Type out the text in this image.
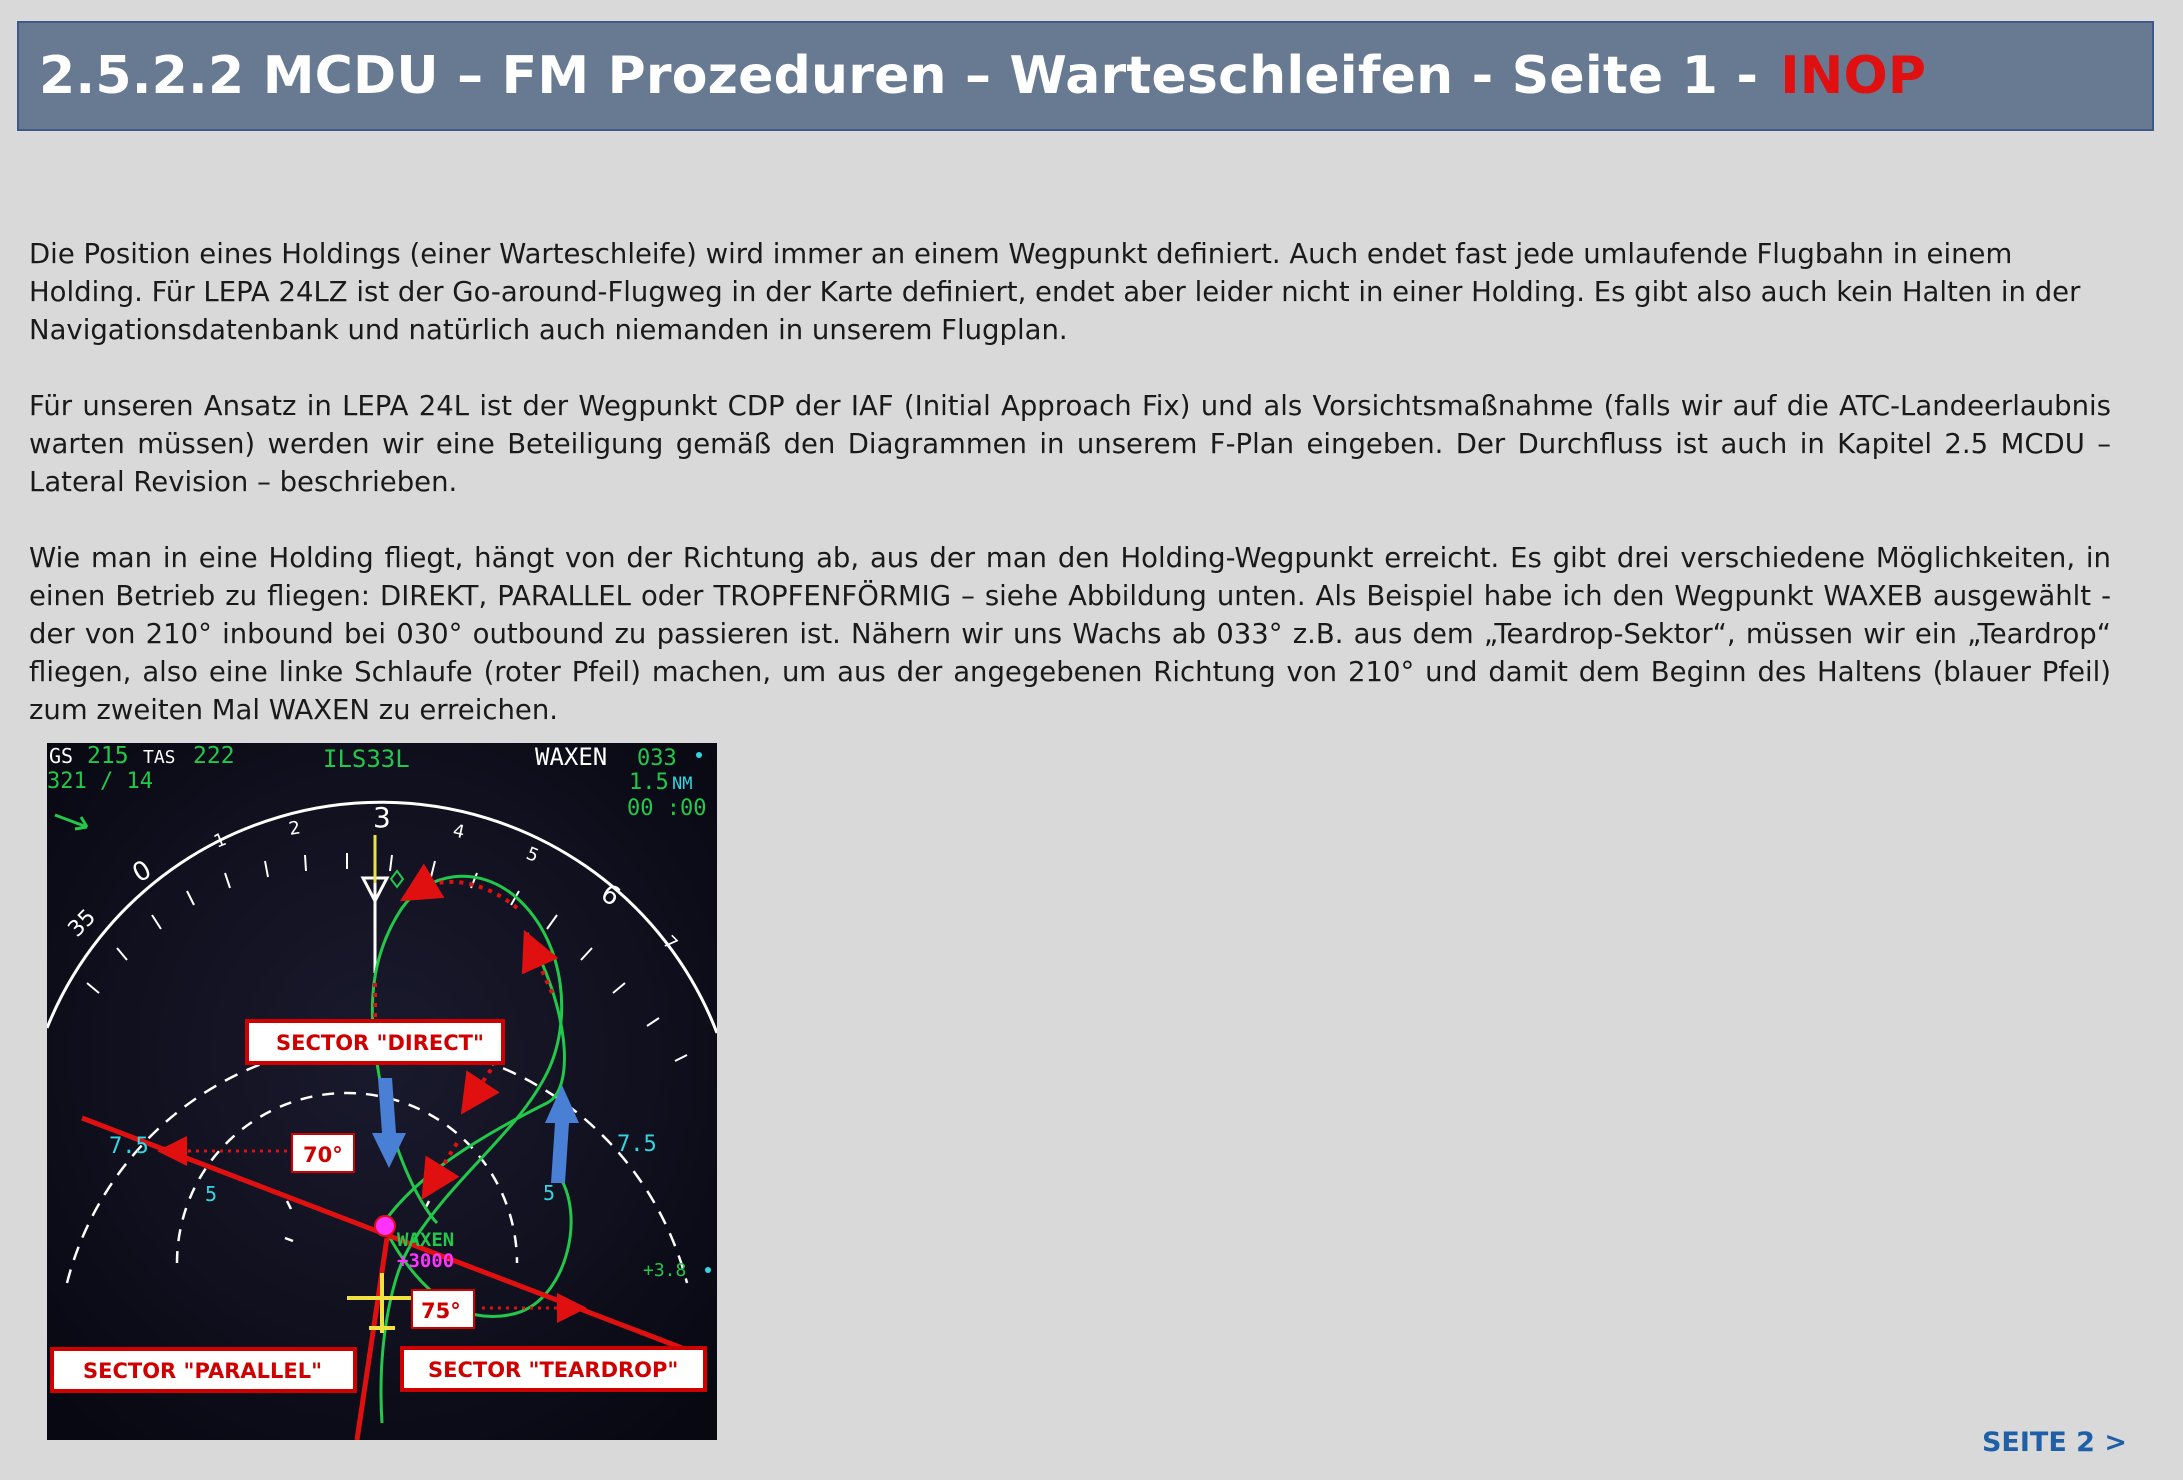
2.5.2.2 MCDU – FM Prozeduren – Warteschleifen - Seite 1 - INOP

Die Position eines Holdings (einer Warteschleife) wird immer an einem Wegpunkt definiert. Auch endet fast jede umlaufende Flugbahn in einem Holding. Für LEPA 24LZ ist der Go-around-Flugweg in der Karte definiert, endet aber leider nicht in einer Holding. Es gibt also auch kein Halten in der Navigationsdatenbank und natürlich auch niemanden in unserem Flugplan.

Für unseren Ansatz in LEPA 24L ist der Wegpunkt CDP der IAF (Initial Approach Fix) und als Vorsichtsmaßnahme (falls wir auf die ATC-Landeerlaubnis warten müssen) werden wir eine Beteiligung gemäß den Diagrammen in unserem F-Plan eingeben. Der Durchfluss ist auch in Kapitel 2.5 MCDU – Lateral Revision – beschrieben.

Wie man in eine Holding fliegt, hängt von der Richtung ab, aus der man den Holding-Wegpunkt erreicht. Es gibt drei verschiedene Möglichkeiten, in einen Betrieb zu fliegen: DIREKT, PARALLEL oder TROPFENFÖRMIG – siehe Abbildung unten. Als Beispiel habe ich den Wegpunkt WAXEB ausgewählt - der von 210° inbound bei 030° outbound zu passieren ist. Nähern wir uns Wachs ab 033° z.B. aus dem „Teardrop-Sektor“, müssen wir ein „Teardrop“ fliegen, also eine linke Schlaufe (roter Pfeil) machen, um aus der angegebenen Richtung von 210° und damit dem Beginn des Haltens (blauer Pfeil) zum zweiten Mal WAXEN zu erreichen.

35
0
1
2	3	4
5
6
7
WAXEN
+3000
7.5	7.5
5	5
+3.8
GS 215 TAS 222
321 / 14
ILS33L	WAXEN 033
1.5 NM
00 :00
70°
75°
SECTOR "DIRECT"
SECTOR "PARALLEL"	SECTOR "TEARDROP"
SEITE 2 >
